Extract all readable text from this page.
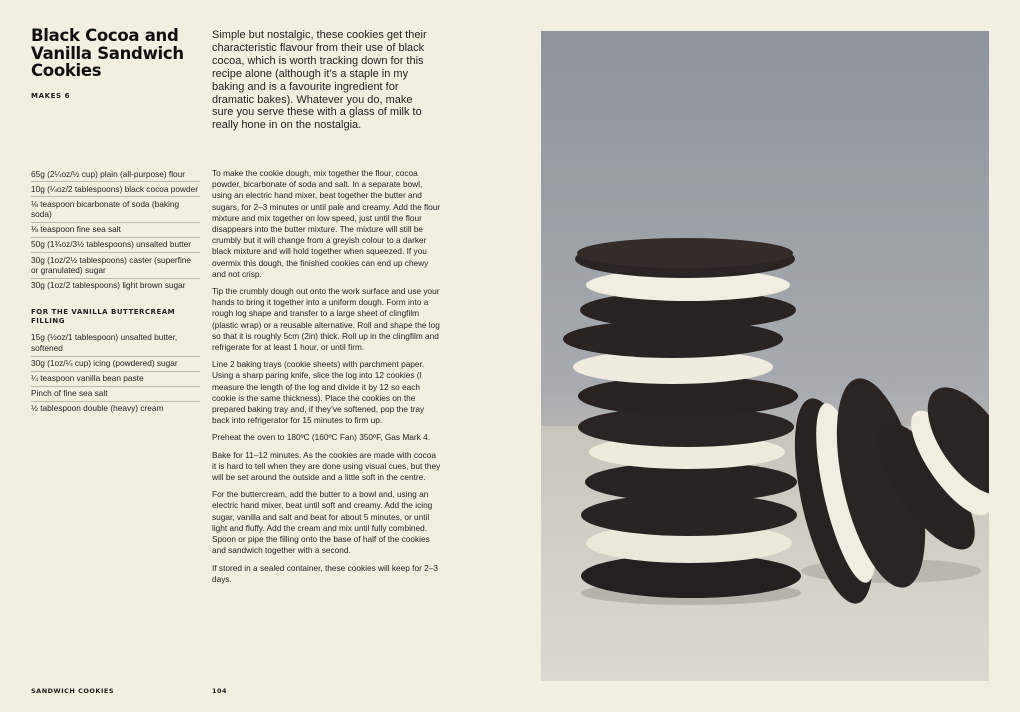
Black Cocoa and Vanilla Sandwich Cookies
MAKES 6

Simple but nostalgic, these cookies get their characteristic flavour from their use of black cocoa, which is worth tracking down for this recipe alone (although it’s a staple in my baking and is a favourite ingredient for dramatic bakes). Whatever you do, make sure you serve these with a glass of milk to really hone in on the nostalgia.

65g (2¼oz/½ cup) plain (all-purpose) flour
10g (¼oz/2 tablespoons) black cocoa powder
⅛ teaspoon bicarbonate of soda (baking soda)
⅛ teaspoon fine sea salt
50g (1¾oz/3½ tablespoons) unsalted butter
30g (1oz/2½ tablespoons) caster (superfine or granulated) sugar
30g (1oz/2 tablespoons) light brown sugar
FOR THE VANILLA BUTTERCREAM FILLING
15g (½oz/1 tablespoon) unsalted butter, softened
30g (1oz/¼ cup) icing (powdered) sugar
¼ teaspoon vanilla bean paste
Pinch of fine sea salt
½ tablespoon double (heavy) cream

To make the cookie dough, mix together the flour, cocoa powder, bicarbonate of soda and salt. In a separate bowl, using an electric hand mixer, beat together the butter and sugars, for 2–3 minutes or until pale and creamy. Add the flour mixture and mix together on low speed, just until the flour disappears into the butter mixture. The mixture will still be crumbly but it will change from a greyish colour to a darker black mixture and will hold together when squeezed. If you overmix this dough, the finished cookies can end up chewy and not crisp.

Tip the crumbly dough out onto the work surface and use your hands to bring it together into a uniform dough. Form into a rough log shape and transfer to a large sheet of clingfilm (plastic wrap) or a reusable alternative. Roll and shape the log so that it is roughly 5cm (2in) thick. Roll up in the clingfilm and refrigerate for at least 1 hour, or until firm.

Line 2 baking trays (cookie sheets) with parchment paper. Using a sharp paring knife, slice the log into 12 cookies (I measure the length of the log and divide it by 12 so each cookie is the same thickness). Place the cookies on the prepared baking tray and, if they’ve softened, pop the tray back into refrigerator for 15 minutes to firm up.

Preheat the oven to 180ºC (160ºC Fan) 350ºF, Gas Mark 4.

Bake for 11–12 minutes. As the cookies are made with cocoa it is hard to tell when they are done using visual cues, but they will be set around the outside and a little soft in the centre.

For the buttercream, add the butter to a bowl and, using an electric hand mixer, beat until soft and creamy. Add the icing sugar, vanilla and salt and beat for about 5 minutes, or until light and fluffy. Add the cream and mix until fully combined. Spoon or pipe the filling onto the base of half of the cookies and sandwich together with a second.

If stored in a sealed container, these cookies will keep for 2–3 days.

SANDWICH COOKIES	104
